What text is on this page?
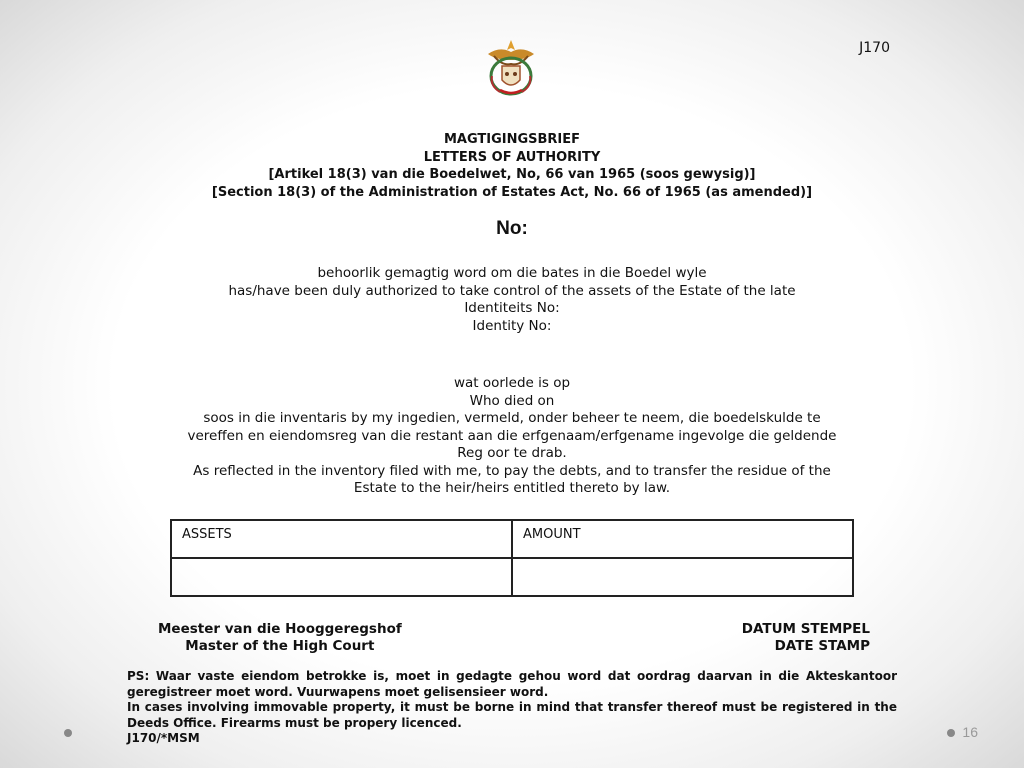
J170
MAGTIGINGSBRIEF
LETTERS OF AUTHORITY
[Artikel 18(3) van die Boedelwet, No, 66 van 1965 (soos gewysig)]
[Section 18(3) of the Administration of Estates Act, No. 66 of 1965 (as amended)]
No:
behoorlik gemagtig word om die bates in die Boedel wyle
has/have been duly authorized to take control of the assets of the Estate of the late
Identiteits No:
Identity No:
wat oorlede is op
Who died on
soos in die inventaris by my ingedien, vermeld, onder beheer te neem, die boedelskulde te
vereffen en eiendomsreg van die restant aan die erfgenaam/erfgename ingevolge die geldende
Reg oor te drab.
As reflected in the inventory filed with me, to pay the debts, and to transfer the residue of the
Estate to the heir/heirs entitled thereto by law.
ASSETS	AMOUNT

Meester van die Hooggeregshof
Master of the High Court
DATUM STEMPEL
DATE STAMP

PS: Waar vaste eiendom betrokke is, moet in gedagte gehou word dat oordrag daarvan in die Akteskantoor geregistreer moet word. Vuurwapens moet gelisensieer word.

In cases involving immovable property, it must be borne in mind that transfer thereof must be registered in the Deeds Office. Firearms must be propery licenced.

J170/*MSM	16
